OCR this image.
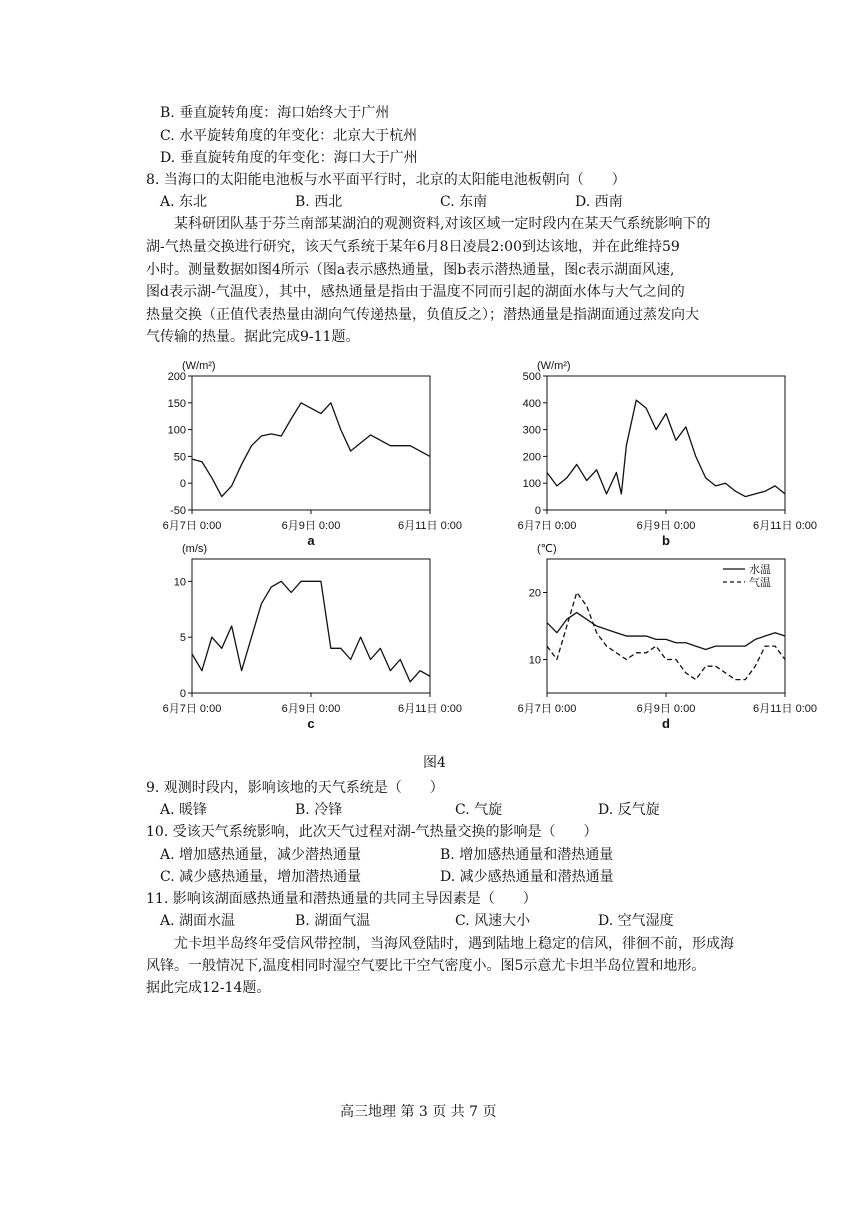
B. 垂直旋转角度：海口始终大于广州
C. 水平旋转角度的年变化：北京大于杭州
D. 垂直旋转角度的年变化：海口大于广州
8. 当海口的太阳能电池板与水平面平行时，北京的太阳能电池板朝向（　　）
A. 东北	B. 西北	C. 东南	D. 西南
　　某科研团队基于芬兰南部某湖泊的观测资料,对该区域一定时段内在某天气系统影响下的
湖-气热量交换进行研究，该天气系统于某年6月8日凌晨2:00到达该地，并在此维持59
小时。测量数据如图4所示（图a表示感热通量，图b表示潜热通量，图c表示湖面风速,
图d表示湖-气温度），其中，感热通量是指由于温度不同而引起的湖面水体与大气之间的
热量交换（正值代表热量由湖向气传递热量，负值反之）；潜热通量是指湖面通过蒸发向大
气传输的热量。据此完成9-11题。
(W/m²)
200
150
100
50
0
-50
6月7日 0:00	6月9日 0:00	6月11日 0:00
a
(W/m²)
500
400
300
200
100
0
6月7日 0:00	6月9日 0:00	6月11日 0:00
b
(m/s)
10
5
0
6月7日 0:00	6月9日 0:00	6月11日 0:00
c
(℃)
20
10
6月7日 0:00	6月9日 0:00	6月11日 0:00
d
水温
气温
图4
9. 观测时段内，影响该地的天气系统是（　　）
A. 暖锋	B. 冷锋	C. 气旋	D. 反气旋
10. 受该天气系统影响，此次天气过程对湖-气热量交换的影响是（　　）
A. 增加感热通量，减少潜热通量	B. 增加感热通量和潜热通量
C. 减少感热通量，增加潜热通量	D. 减少感热通量和潜热通量
11. 影响该湖面感热通量和潜热通量的共同主导因素是（　　）
A. 湖面水温	B. 湖面气温	C. 风速大小	D. 空气湿度
　　尤卡坦半岛终年受信风带控制，当海风登陆时，遇到陆地上稳定的信风，徘徊不前，形成海
风锋。一般情况下,温度相同时湿空气要比干空气密度小。图5示意尤卡坦半岛位置和地形。
据此完成12-14题。
高三地理 第 3 页 共 7 页
